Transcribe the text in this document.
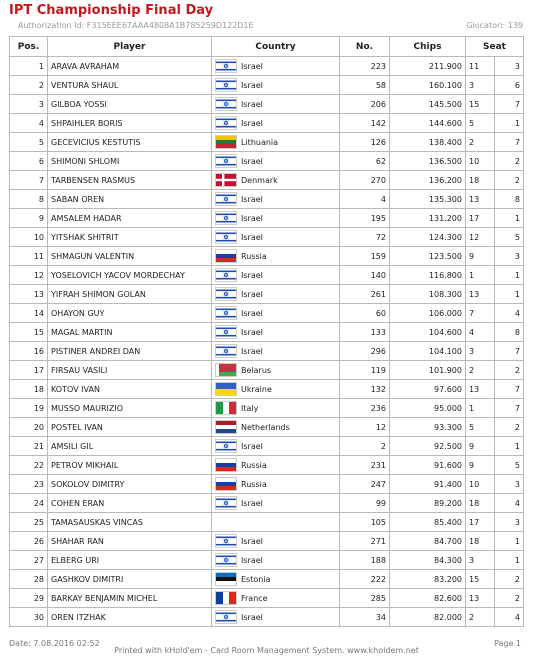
IPT Championship Final Day
Authorization Id: F315EEE67AAA4808A1B785259D122D1E	Giocatori: 139
Pos.	Player	Country	No.	Chips	Seat	
1	ARAVA AVRAHAM	Israel	223	211.900	11	3
2	VENTURA SHAUL	Israel	58	160.100	3	6
3	GILBOA YOSSI	Israel	206	145.500	15	7
4	SHPAIHLER BORIS	Israel	142	144.600	5	1
5	GECEVICIUS KESTUTIS	Lithuania	126	138.400	2	7
6	SHIMONI SHLOMI	Israel	62	136.500	10	2
7	TARBENSEN RASMUS	Denmark	270	136.200	18	2
8	SABAN OREN	Israel	4	135.300	13	8
9	AMSALEM HADAR	Israel	195	131.200	17	1
10	YITSHAK SHITRIT	Israel	72	124.300	12	5
11	SHMAGUN VALENTIN	Russia	159	123.500	9	3
12	YOSELOVICH YACOV MORDECHAY	Israel	140	116.800	1	1
13	YIFRAH SHIMON GOLAN	Israel	261	108.300	13	1
14	OHAYON GUY	Israel	60	106.000	7	4
15	MAGAL MARTIN	Israel	133	104.600	4	8
16	PISTINER ANDREI DAN	Israel	296	104.100	3	7
17	FIRSAU VASILI	Belarus	119	101.900	2	2
18	KOTOV IVAN	Ukraine	132	97.600	13	7
19	MUSSO MAURIZIO	Italy	236	95.000	1	7
20	POSTEL IVAN	Netherlands	12	93.300	5	2
21	AMSILI GIL	Israel	2	92.500	9	1
22	PETROV MIKHAIL	Russia	231	91.600	9	5
23	SOKOLOV DIMITRY	Russia	247	91.400	10	3
24	COHEN ERAN	Israel	99	89.200	18	4
25	TAMASAUSKAS VINCAS		105	85.400	17	3
26	SHAHAR RAN	Israel	271	84.700	18	1
27	ELBERG URI	Israel	188	84.300	3	1
28	GASHKOV DIMITRI	Estonia	222	83.200	15	2
29	BARKAY BENJAMIN MICHEL	France	285	82.600	13	2
30	OREN ITZHAK	Israel	34	82.000	2	4
Date: 7.08.2016 02:52
Printed with kHold'em - Card Room Management System. www.kholdem.net
Page 1
